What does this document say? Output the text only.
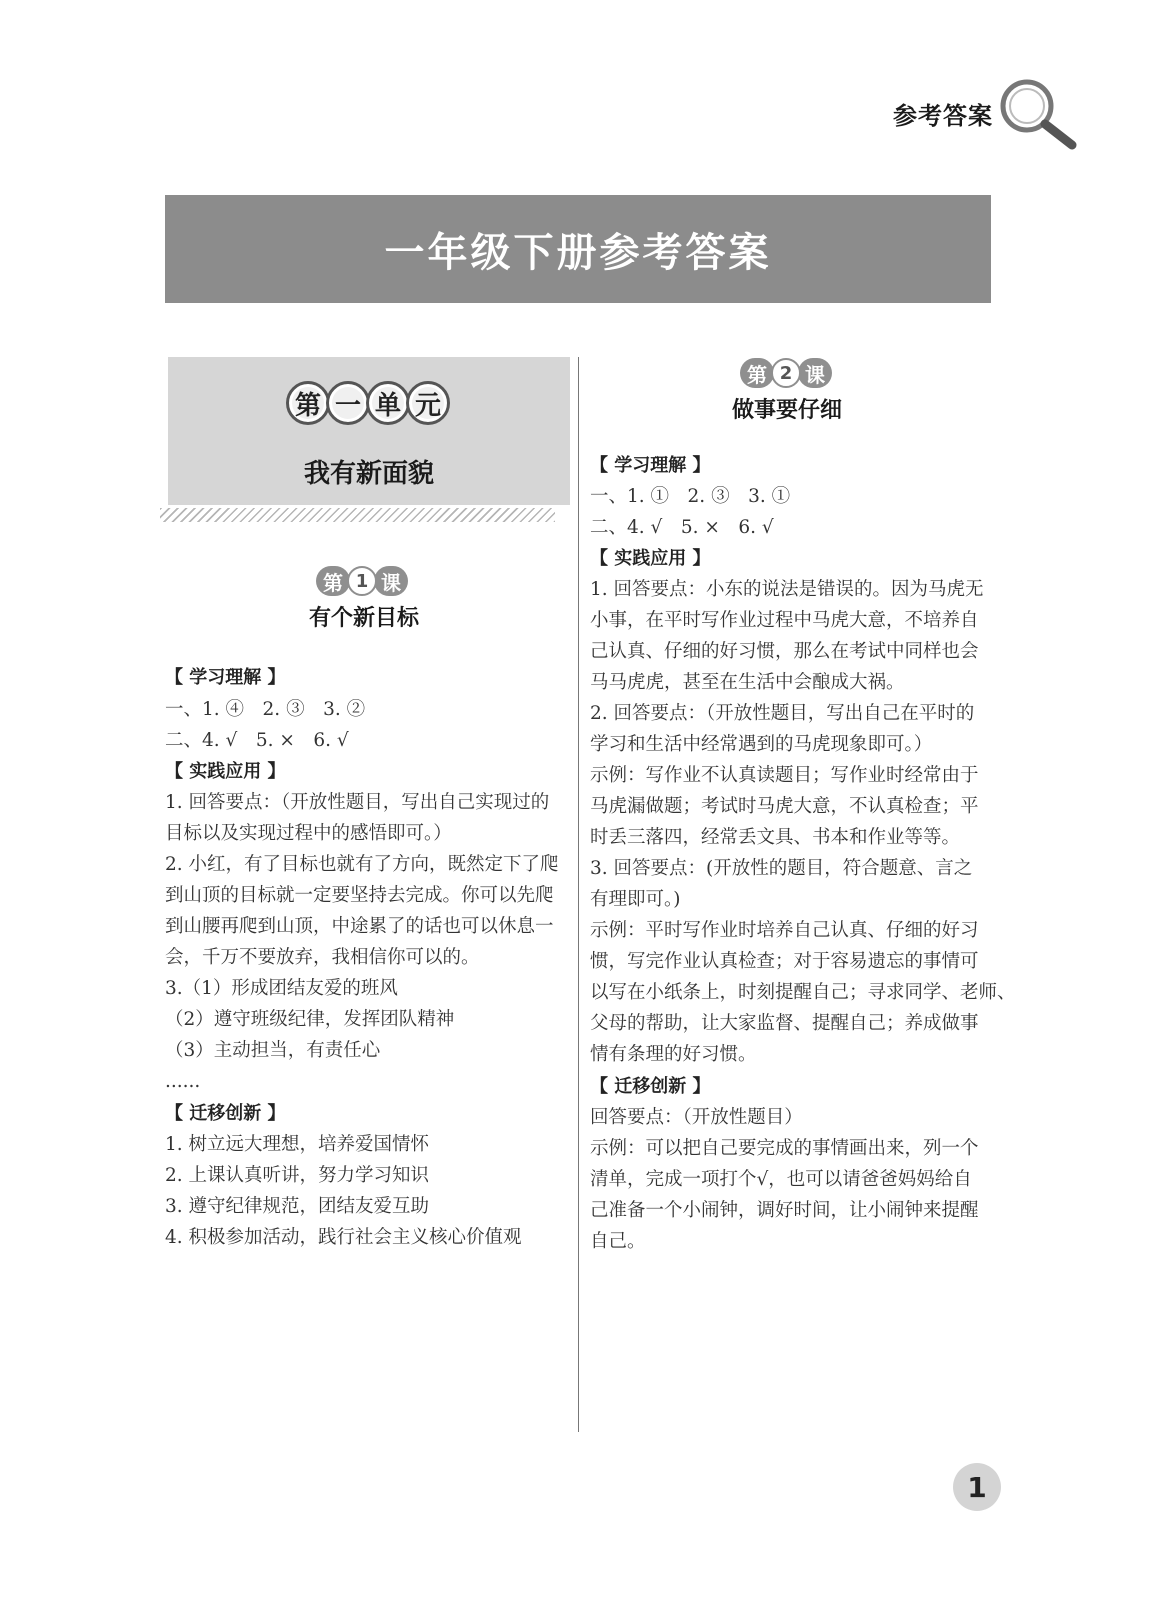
参考答案
一年级下册参考答案
第 一 单 元
我有新面貌
第 1 课
有个新目标
第 2 课
做事要仔细
【 学习理解 】
一、1. ④　2. ③　3. ②
二、4. √　5. ×　6. √
【 实践应用 】
1. 回答要点：（开放性题目，写出自己实现过的
目标以及实现过程中的感悟即可。）
2. 小红，有了目标也就有了方向，既然定下了爬
到山顶的目标就一定要坚持去完成。你可以先爬
到山腰再爬到山顶，中途累了的话也可以休息一
会，千万不要放弃，我相信你可以的。
3.（1）形成团结友爱的班风
（2）遵守班级纪律，发挥团队精神
（3）主动担当，有责任心
......
【 迁移创新 】
1. 树立远大理想，培养爱国情怀
2. 上课认真听讲，努力学习知识
3. 遵守纪律规范，团结友爱互助
4. 积极参加活动，践行社会主义核心价值观
【 学习理解 】
一、1. ①　2. ③　3. ①
二、4. √　5. ×　6. √
【 实践应用 】
1. 回答要点：小东的说法是错误的。因为马虎无
小事，在平时写作业过程中马虎大意，不培养自
己认真、仔细的好习惯，那么在考试中同样也会
马马虎虎，甚至在生活中会酿成大祸。
2. 回答要点：（开放性题目，写出自己在平时的
学习和生活中经常遇到的马虎现象即可。）
示例：写作业不认真读题目；写作业时经常由于
马虎漏做题；考试时马虎大意，不认真检查；平
时丢三落四，经常丢文具、书本和作业等等。
3. 回答要点：(开放性的题目，符合题意、言之
有理即可。)
示例：平时写作业时培养自己认真、仔细的好习
惯，写完作业认真检查；对于容易遗忘的事情可
以写在小纸条上，时刻提醒自己；寻求同学、老师、
父母的帮助，让大家监督、提醒自己；养成做事
情有条理的好习惯。
【 迁移创新 】
回答要点：（开放性题目）
示例：可以把自己要完成的事情画出来，列一个
清单，完成一项打个√，也可以请爸爸妈妈给自
己准备一个小闹钟，调好时间，让小闹钟来提醒
自己。
1
